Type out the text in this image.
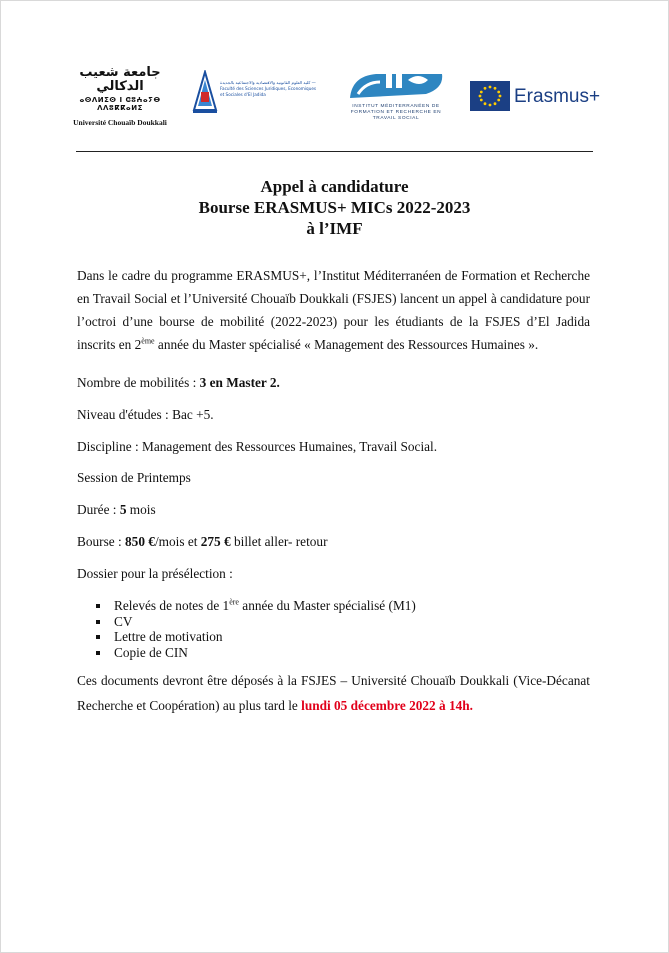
جامعة شعيب الدكالي
ⴰⵙⴷⵍⵉⵙ ⵏ ⵛⵓⵄⴰⵢⴱ ⴷⴷⵓⴽⴽⴰⵍⵉ
Université Chouaïb Doukkali
كلية العلوم القانونية والاقتصادية والاجتماعية بالجديدة — Faculté des Sciences Juridiques, Economiques et Sociales d'El Jadida
INSTITUT MÉDITERRANÉEN DE FORMATION ET RECHERCHE EN TRAVAIL SOCIAL
Erasmus+
Appel à candidature
Bourse ERASMUS+ MICs 2022-2023
à l’IMF

Dans le cadre du programme ERASMUS+, l’Institut Méditerranéen de Formation et Recherche en Travail Social et l’Université Chouaïb Doukkali (FSJES) lancent un appel à candidature pour l’octroi d’une bourse de mobilité (2022-2023) pour les étudiants de la FSJES d’El Jadida inscrits en 2ème année du Master spécialisé « Management des Ressources Humaines ».

Nombre de mobilités : 3 en Master 2.

Niveau d'études : Bac +5.

Discipline : Management des Ressources Humaines, Travail Social.

Session de Printemps

Durée : 5 mois

Bourse : 850 €/mois et 275 € billet aller- retour

Dossier pour la présélection :

Relevés de notes de 1ère année du Master spécialisé (M1)
CV
Lettre de motivation
Copie de CIN

Ces documents devront être déposés à la FSJES – Université Chouaïb Doukkali (Vice-Décanat Recherche et Coopération) au plus tard le lundi 05 décembre 2022 à 14h.
